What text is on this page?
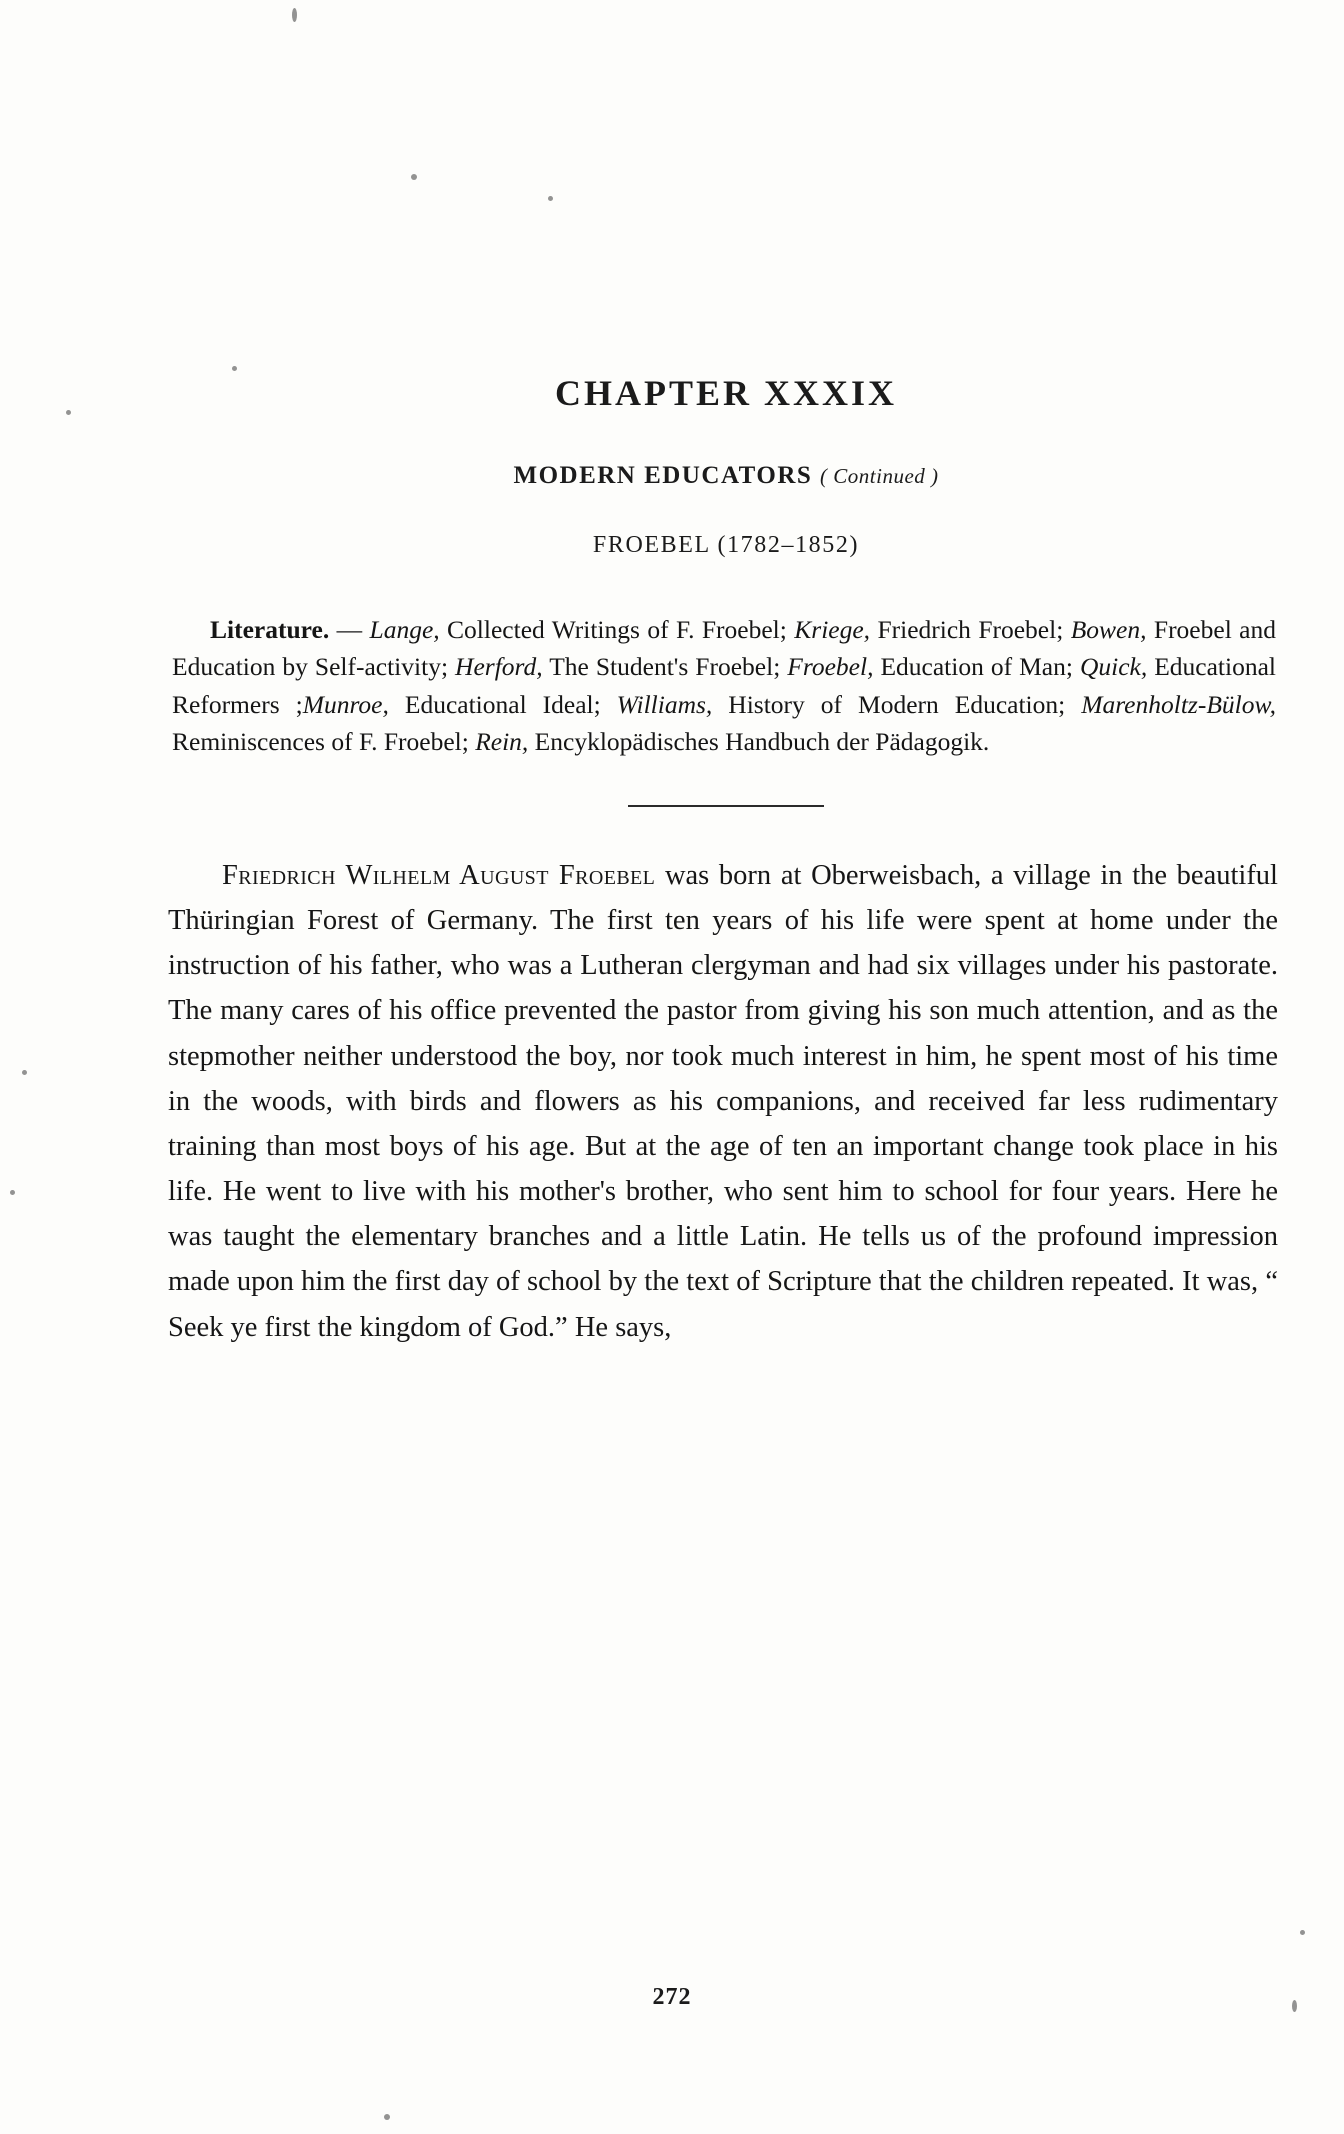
CHAPTER XXXIX
MODERN EDUCATORS ( Continued )
FROEBEL (1782–1852)
Literature. — Lange, Collected Writings of F. Froebel; Kriege, Friedrich Froebel; Bowen, Froebel and Education by Self-activity; Herford, The Student's Froebel; Froebel, Education of Man; Quick, Educational Reformers ;Munroe, Educational Ideal; Williams, History of Modern Education; Marenholtz-Bülow, Reminiscences of F. Froebel; Rein, Encyklopädisches Handbuch der Pädagogik.
Friedrich Wilhelm August Froebel was born at Oberweisbach, a village in the beautiful Thüringian Forest of Germany. The first ten years of his life were spent at home under the instruction of his father, who was a Lutheran clergyman and had six villages under his pastorate. The many cares of his office prevented the pastor from giving his son much attention, and as the stepmother neither understood the boy, nor took much interest in him, he spent most of his time in the woods, with birds and flowers as his companions, and received far less rudimentary training than most boys of his age. But at the age of ten an important change took place in his life. He went to live with his mother's brother, who sent him to school for four years. Here he was taught the elementary branches and a little Latin. He tells us of the profound impression made upon him the first day of school by the text of Scripture that the children repeated. It was, “ Seek ye first the kingdom of God.” He says,
272
